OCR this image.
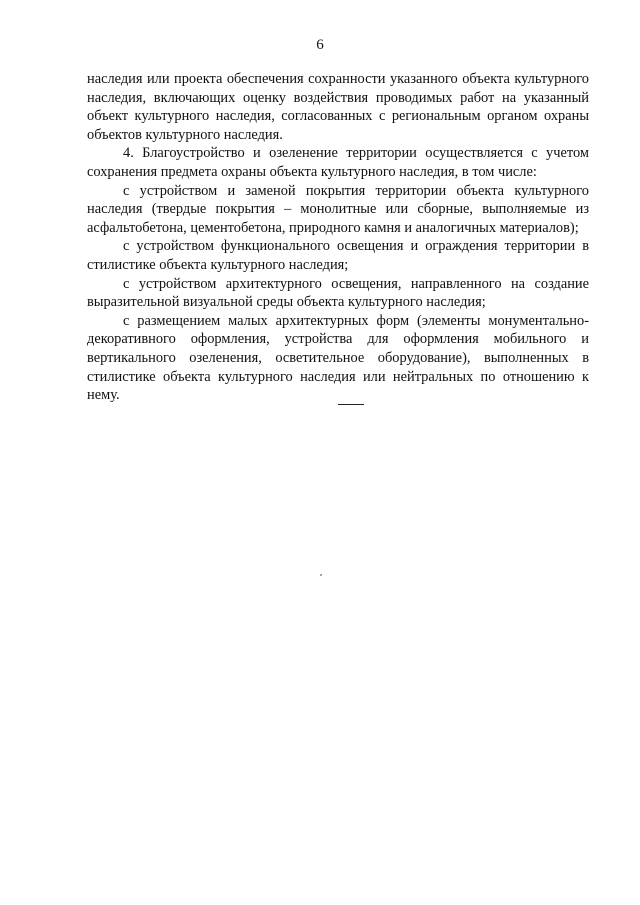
6

наследия или проекта обеспечения сохранности указанного объекта культурного наследия, включающих оценку воздействия проводимых работ на указанный объект культурного наследия, согласованных с региональным органом охраны объектов культурного наследия.

4. Благоустройство и озеленение территории осуществляется с учетом сохранения предмета охраны объекта культурного наследия, в том числе:

с устройством и заменой покрытия территории объекта культурного наследия (твердые покрытия – монолитные или сборные, выполняемые из асфальтобетона, цементобетона, природного камня и аналогичных материалов);

с устройством функционального освещения и ограждения территории в стилистике объекта культурного наследия;

с устройством архитектурного освещения, направленного на создание выразительной визуальной среды объекта культурного наследия;

с размещением малых архитектурных форм (элементы монументально-декоративного оформления, устройства для оформления мобильного и вертикального озеленения, осветительное оборудование), выполненных в стилистике объекта культурного наследия или нейтральных по отношению к нему.
